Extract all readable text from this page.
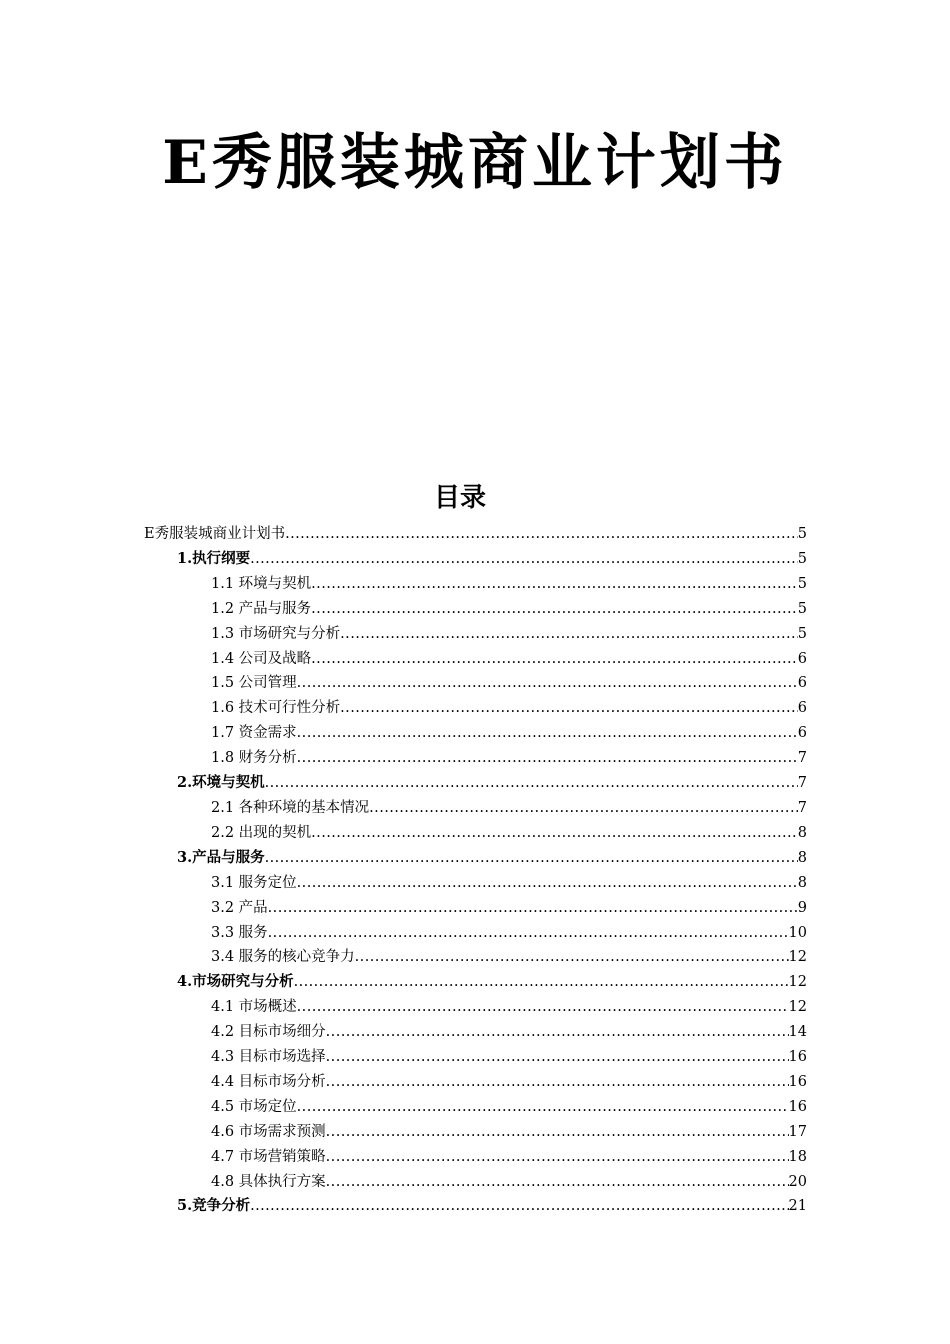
E秀服装城商业计划书
目录
E秀服装城商业计划书 .....	5
1.执行纲要 .....	5
1.1 环境与契机 .....	5
1.2 产品与服务 .....	5
1.3 市场研究与分析 .....	5
1.4 公司及战略 .....	6
1.5 公司管理 .....	6
1.6 技术可行性分析 .....	6
1.7 资金需求 .....	6
1.8 财务分析 .....	7
2.环境与契机 .....	7
2.1 各种环境的基本情况 .....	7
2.2 出现的契机 .....	8
3.产品与服务 .....	8
3.1 服务定位 .....	8
3.2 产品 .....	9
3.3 服务 .....	10
3.4 服务的核心竞争力 .....	12
4.市场研究与分析 .....	12
4.1 市场概述 .....	12
4.2 目标市场细分 .....	14
4.3 目标市场选择 .....	16
4.4 目标市场分析 .....	16
4.5 市场定位 .....	16
4.6 市场需求预测 .....	17
4.7 市场营销策略 .....	18
4.8 具体执行方案 .....	20
5.竞争分析 .....	21
